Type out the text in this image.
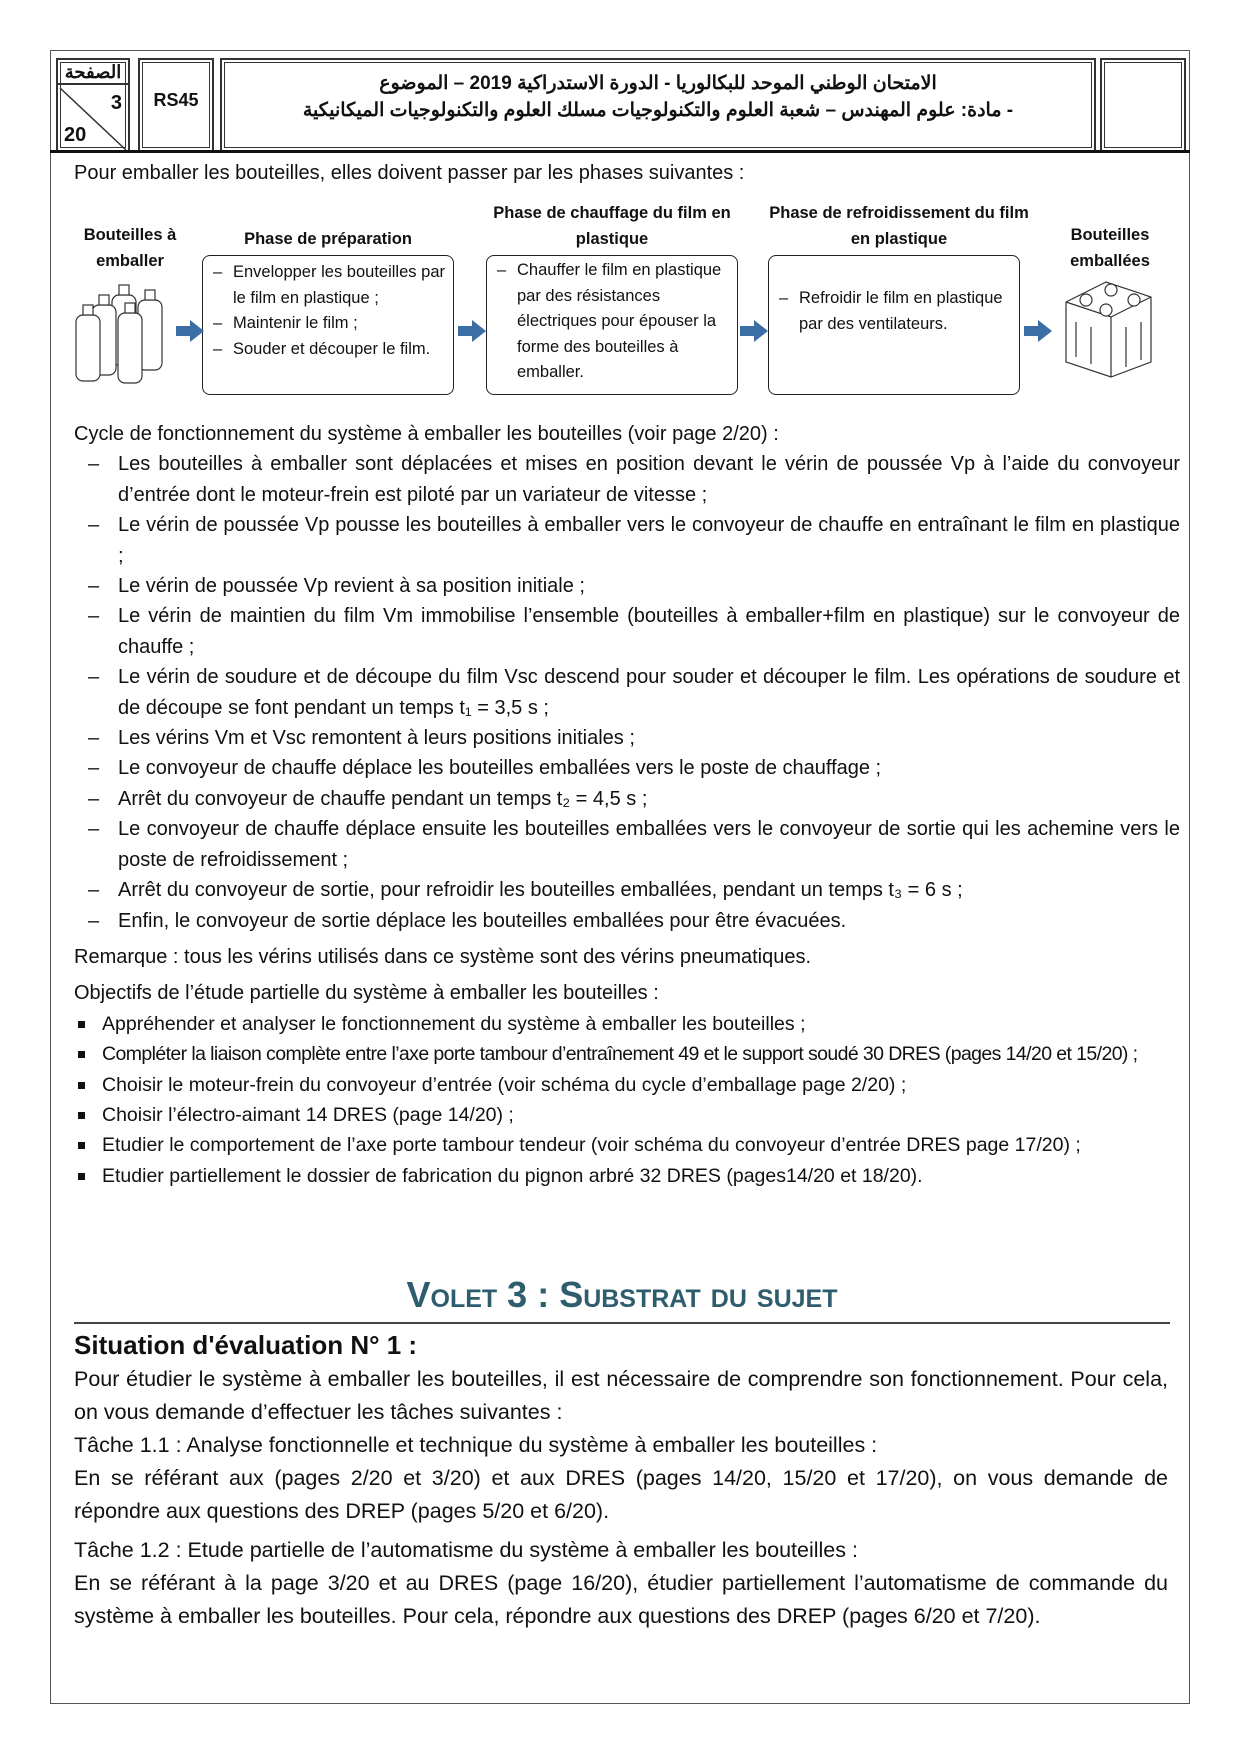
الصفحة
3
20
RS45
الامتحان الوطني الموحد للبكالوريا - الدورة الاستدراكية 2019 – الموضوع
- مادة: علوم المهندس – شعبة العلوم والتكنولوجيات مسلك العلوم والتكنولوجيات الميكانيكية
Pour emballer les bouteilles, elles doivent passer par les phases suivantes :
Bouteilles à emballer
Bouteilles emballées
Phase de préparation
Phase de chauffage du film en plastique
Phase de refroidissement du film en plastique
– Envelopper les bouteilles par le film en plastique ;
– Maintenir le film ;
– Souder et découper le film.
– Chauffer le film en plastique par des résistances électriques pour épouser la forme des bouteilles à emballer.
– Refroidir le film en plastique par des ventilateurs.
Cycle de fonctionnement du système à emballer les bouteilles (voir page 2/20) :
– Les bouteilles à emballer sont déplacées et mises en position devant le vérin de poussée Vp à l’aide du convoyeur d’entrée dont le moteur-frein est piloté par un variateur de vitesse ;
– Le vérin de poussée Vp pousse les bouteilles à emballer vers le convoyeur de chauffe en entraînant le film en plastique ;
– Le vérin de poussée Vp revient à sa position initiale ;
– Le vérin de maintien du film Vm immobilise l’ensemble (bouteilles à emballer+film en plastique) sur le convoyeur de chauffe ;
– Le vérin de soudure et de découpe du film Vsc descend pour souder et découper le film. Les opérations de soudure et de découpe se font pendant un temps t₁ = 3,5 s ;
– Les vérins Vm et Vsc remontent à leurs positions initiales ;
– Le convoyeur de chauffe déplace les bouteilles emballées vers le poste de chauffage ;
– Arrêt du convoyeur de chauffe pendant un temps t₂ = 4,5 s ;
– Le convoyeur de chauffe déplace ensuite les bouteilles emballées vers le convoyeur de sortie qui les achemine vers le poste de refroidissement ;
– Arrêt du convoyeur de sortie, pour refroidir les bouteilles emballées, pendant un temps t₃ = 6 s ;
– Enfin, le convoyeur de sortie déplace les bouteilles emballées pour être évacuées.
Remarque : tous les vérins utilisés dans ce système sont des vérins pneumatiques.
Objectifs de l’étude partielle du système à emballer les bouteilles :
Appréhender et analyser le fonctionnement du système à emballer les bouteilles ;
Compléter la liaison complète entre l’axe porte tambour d’entraînement 49 et le support soudé 30 DRES (pages 14/20 et 15/20) ;
Choisir le moteur-frein du convoyeur d’entrée (voir schéma du cycle d’emballage page 2/20) ;
Choisir l’électro-aimant 14 DRES (page 14/20) ;
Etudier le comportement de l’axe porte tambour tendeur (voir schéma du convoyeur d’entrée DRES page 17/20) ;
Etudier partiellement le dossier de fabrication du pignon arbré 32 DRES (pages14/20 et 18/20).
Volet 3 : Substrat du sujet
Situation d'évaluation N° 1 :
Pour étudier le système à emballer les bouteilles, il est nécessaire de comprendre son fonctionnement. Pour cela, on vous demande d’effectuer les tâches suivantes :
Tâche 1.1 : Analyse fonctionnelle et technique du système à emballer les bouteilles :
En se référant aux (pages 2/20 et 3/20) et aux DRES (pages 14/20, 15/20 et 17/20), on vous demande de répondre aux questions des DREP (pages 5/20 et 6/20).
Tâche 1.2 : Etude partielle de l’automatisme du système à emballer les bouteilles :
En se référant à la page 3/20 et au DRES (page 16/20), étudier partiellement l’automatisme de commande du système à emballer les bouteilles. Pour cela, répondre aux questions des DREP (pages 6/20 et 7/20).
